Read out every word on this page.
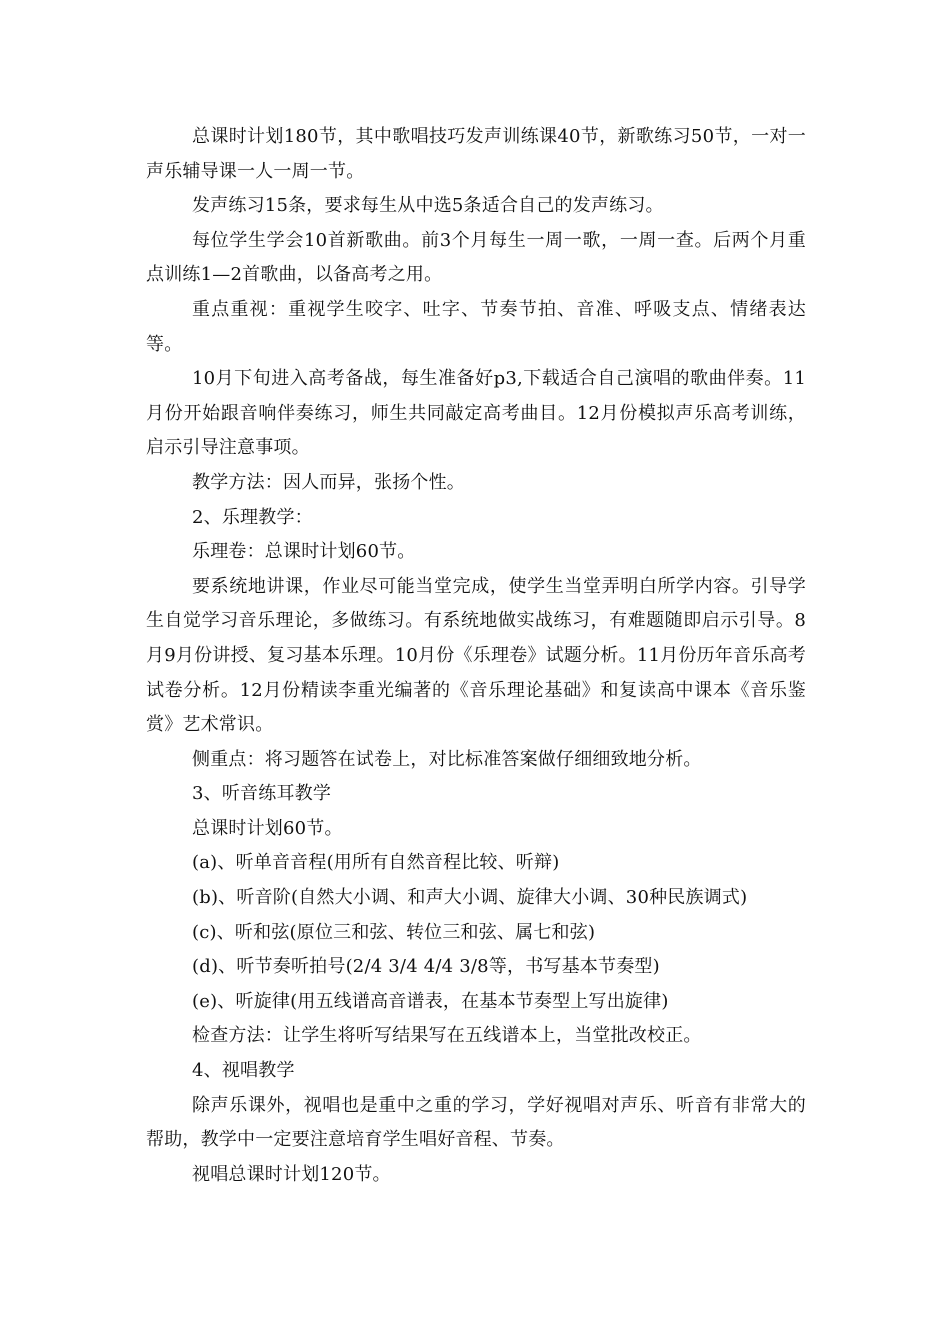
总课时计划180节，其中歌唱技巧发声训练课40节，新歌练习50节，一对一声乐辅导课一人一周一节。

发声练习15条，要求每生从中选5条适合自己的发声练习。

每位学生学会10首新歌曲。前3个月每生一周一歌，一周一查。后两个月重点训练1—2首歌曲，以备高考之用。

重点重视：重视学生咬字、吐字、节奏节拍、音准、呼吸支点、情绪表达等。

10月下旬进入高考备战，每生准备好p3,下载适合自己演唱的歌曲伴奏。11月份开始跟音响伴奏练习，师生共同敲定高考曲目。12月份模拟声乐高考训练，启示引导注意事项。

教学方法：因人而异，张扬个性。

2、乐理教学：

乐理卷：总课时计划60节。

要系统地讲课，作业尽可能当堂完成，使学生当堂弄明白所学内容。引导学生自觉学习音乐理论，多做练习。有系统地做实战练习，有难题随即启示引导。8月9月份讲授、复习基本乐理。10月份《乐理卷》试题分析。11月份历年音乐高考试卷分析。12月份精读李重光编著的《音乐理论基础》和复读高中课本《音乐鉴赏》艺术常识。

侧重点：将习题答在试卷上，对比标准答案做仔细细致地分析。

3、听音练耳教学

总课时计划60节。

(a)、听单音音程(用所有自然音程比较、听辩)

(b)、听音阶(自然大小调、和声大小调、旋律大小调、30种民族调式)

(c)、听和弦(原位三和弦、转位三和弦、属七和弦)

(d)、听节奏听拍号(2/4 3/4 4/4 3/8等，书写基本节奏型)

(e)、听旋律(用五线谱高音谱表，在基本节奏型上写出旋律)

检查方法：让学生将听写结果写在五线谱本上，当堂批改校正。

4、视唱教学

除声乐课外，视唱也是重中之重的学习，学好视唱对声乐、听音有非常大的帮助，教学中一定要注意培育学生唱好音程、节奏。

视唱总课时计划120节。
